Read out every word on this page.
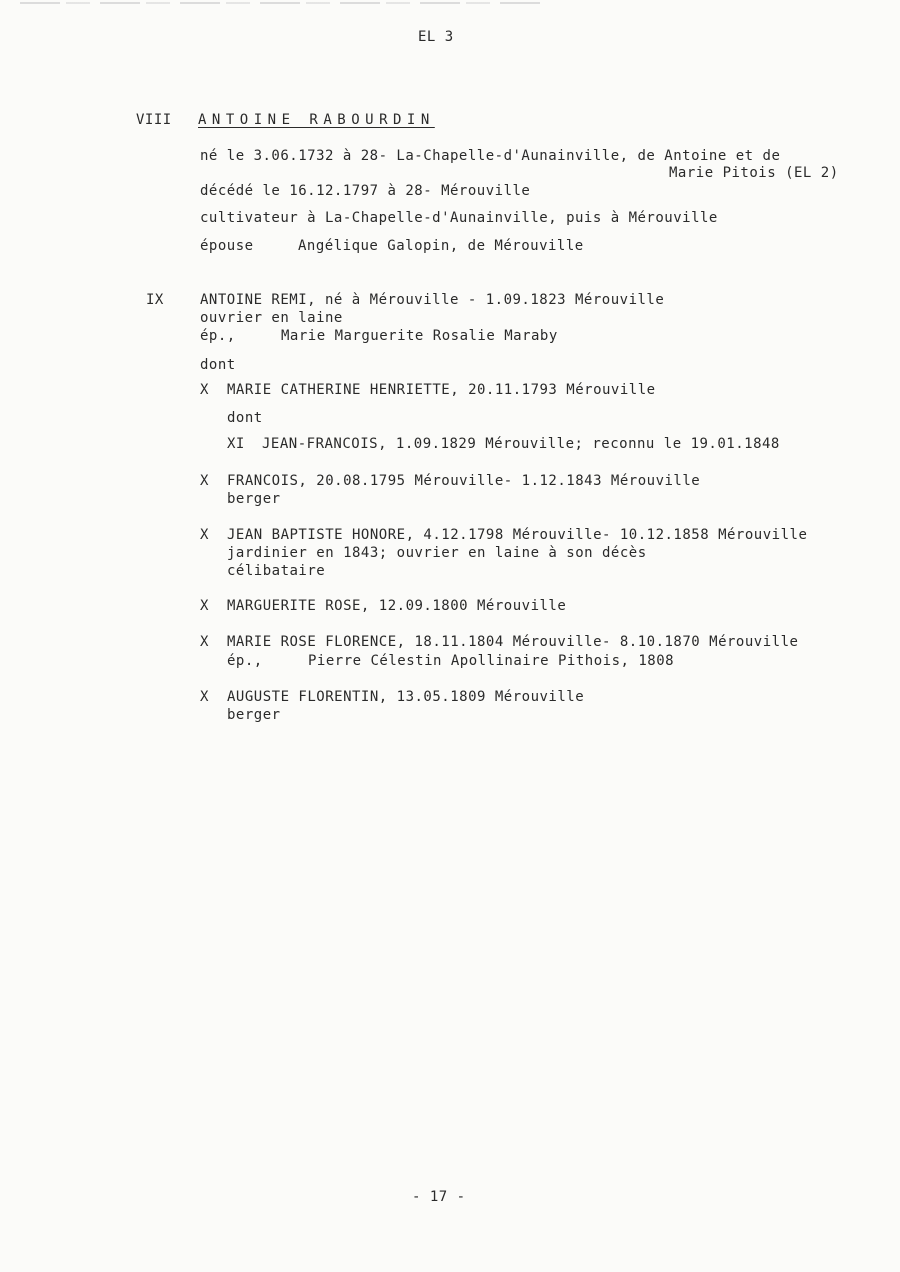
EL 3
VIII ANTOINE RABOURDIN
né le 3.06.1732 à 28- La-Chapelle-d'Aunainville, de Antoine et de
Marie Pitois (EL 2)
décédé le 16.12.1797 à 28- Mérouville
cultivateur à La-Chapelle-d'Aunainville, puis à Mérouville
épouse	Angélique Galopin, de Mérouville
IX	ANTOINE REMI, né à Mérouville - 1.09.1823 Mérouville
ouvrier en laine
ép.,	Marie Marguerite Rosalie Maraby
dont
X MARIE CATHERINE HENRIETTE, 20.11.1793 Mérouville
dont
XI JEAN-FRANCOIS, 1.09.1829 Mérouville; reconnu le 19.01.1848
X FRANCOIS, 20.08.1795 Mérouville- 1.12.1843 Mérouville
berger
X JEAN BAPTISTE HONORE, 4.12.1798 Mérouville- 10.12.1858 Mérouville
jardinier en 1843; ouvrier en laine à son décès
célibataire
X MARGUERITE ROSE, 12.09.1800 Mérouville
X MARIE ROSE FLORENCE, 18.11.1804 Mérouville- 8.10.1870 Mérouville
ép.,	Pierre Célestin Apollinaire Pithois, 1808
X AUGUSTE FLORENTIN, 13.05.1809 Mérouville
berger
- 17 -
